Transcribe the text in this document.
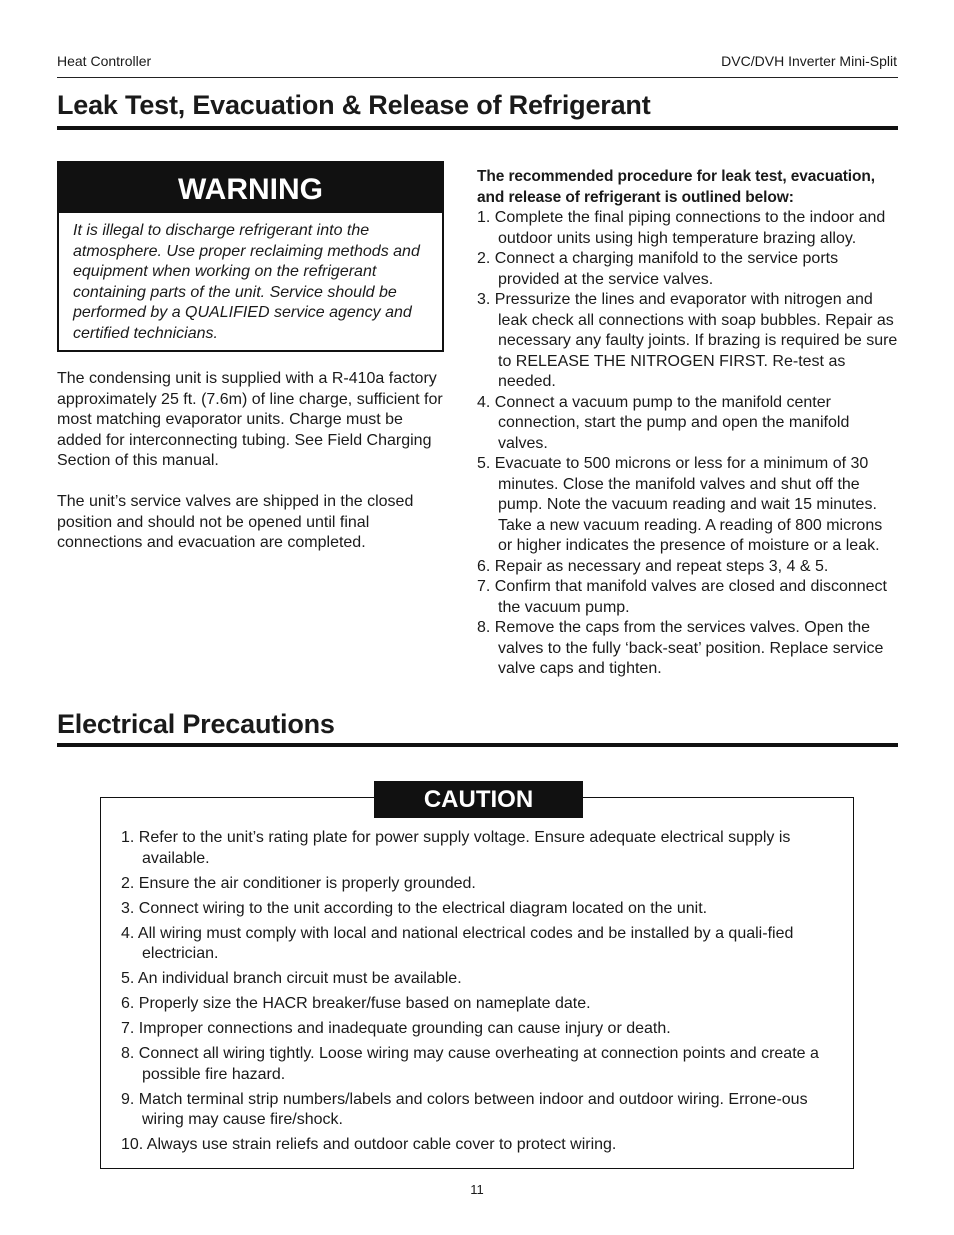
Heat Controller	DVC/DVH Inverter Mini-Split
Leak Test, Evacuation & Release of Refrigerant
WARNING
It is illegal to discharge refrigerant into the atmosphere. Use proper reclaiming methods and equipment when working on the refrigerant containing parts of the unit. Service should be performed by a QUALIFIED service agency and certified technicians.
The condensing unit is supplied with a R-410a factory approximately 25 ft. (7.6m) of line charge, sufficient for most matching evaporator units. Charge must be added for interconnecting tubing. See Field Charging Section of this manual.
The unit’s service valves are shipped in the closed position and should not be opened until final connections and evacuation are completed.
The recommended procedure for leak test, evacuation, and release of refrigerant is outlined below:
1. Complete the final piping connections to the indoor and outdoor units using high temperature brazing alloy.
2. Connect a charging manifold to the service ports provided at the service valves.
3. Pressurize the lines and evaporator with nitrogen and leak check all connections with soap bubbles. Repair as necessary any faulty joints. If brazing is required be sure to RELEASE THE NITROGEN FIRST. Re-test as needed.
4. Connect a vacuum pump to the manifold center connection, start the pump and open the manifold valves.
5. Evacuate to 500 microns or less for a minimum of 30 minutes. Close the manifold valves and shut off the pump. Note the vacuum reading and wait 15 minutes. Take a new vacuum reading. A reading of 800 microns or higher indicates the presence of moisture or a leak.
6. Repair as necessary and repeat steps 3, 4 & 5.
7. Confirm that manifold valves are closed and disconnect the vacuum pump.
8. Remove the caps from the services valves. Open the valves to the fully ‘back-seat’ position. Replace service valve caps and tighten.
Electrical Precautions
CAUTION
1. Refer to the unit’s rating plate for power supply voltage. Ensure adequate electrical supply is available.
2. Ensure the air conditioner is properly grounded.
3. Connect wiring to the unit according to the electrical diagram located on the unit.
4. All wiring must comply with local and national electrical codes and be installed by a quali-fied electrician.
5. An individual branch circuit must be available.
6. Properly size the HACR breaker/fuse based on nameplate date.
7. Improper connections and inadequate grounding can cause injury or death.
8. Connect all wiring tightly. Loose wiring may cause overheating at connection points and create a possible fire hazard.
9. Match terminal strip numbers/labels and colors between indoor and outdoor wiring. Errone-ous wiring may cause fire/shock.
10. Always use strain reliefs and outdoor cable cover to protect wiring.
11
